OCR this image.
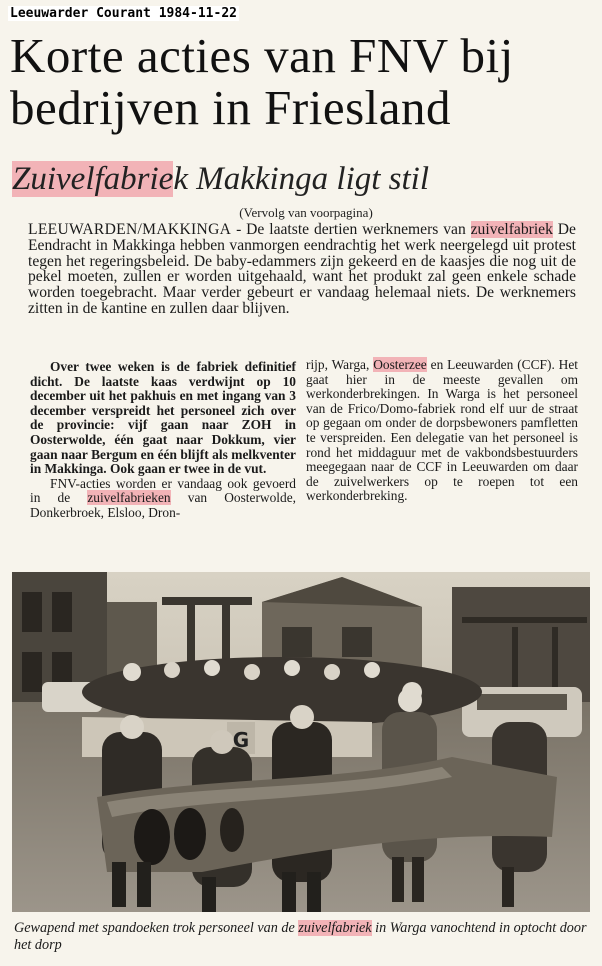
Leeuwarder Courant 1984-11-22
Korte acties van FNV bij
bedrijven in Friesland
Zuivelfabriek Makkinga ligt stil
(Vervolg van voorpagina)
LEEUWARDEN/MAKKINGA - De laatste dertien werknemers van zuivelfabriek De Eendracht in Makkinga hebben vanmorgen eendrachtig het werk neergelegd uit protest tegen het regeringsbeleid. De baby-edammers zijn gekeerd en de kaasjes die nog uit de pekel moeten, zullen er worden uitgehaald, want het produkt zal geen enkele schade worden toegebracht. Maar verder gebeurt er vandaag helemaal niets. De werknemers zitten in de kantine en zullen daar blijven.

Over twee weken is de fabriek definitief dicht. De laatste kaas verdwijnt op 10 december uit het pakhuis en met ingang van 3 december verspreidt het personeel zich over de provincie: vijf gaan naar ZOH in Oosterwolde, één gaat naar Dokkum, vier gaan naar Bergum en één blijft als melkventer in Makkinga. Ook gaan er twee in de vut.

FNV-acties worden er vandaag ook gevoerd in de zuivelfabrieken van Oosterwolde, Donkerbroek, Elsloo, Dron-

rijp, Warga, Oosterzee en Leeuwarden (CCF). Het gaat hier in de meeste gevallen om werkonderbrekingen. In Warga is het personeel van de Frico/Domo-fabriek rond elf uur de straat op gegaan om onder de dorpsbewoners pamfletten te verspreiden. Een delegatie van het personeel is rond het middaguur met de vakbondsbestuurders meegegaan naar de CCF in Leeuwarden om daar de zuivelwerkers op te roepen tot een werkonderbreking.

G
Gewapend met spandoeken trok personeel van de zuivelfabriek in Warga vanochtend in optocht door het dorp
